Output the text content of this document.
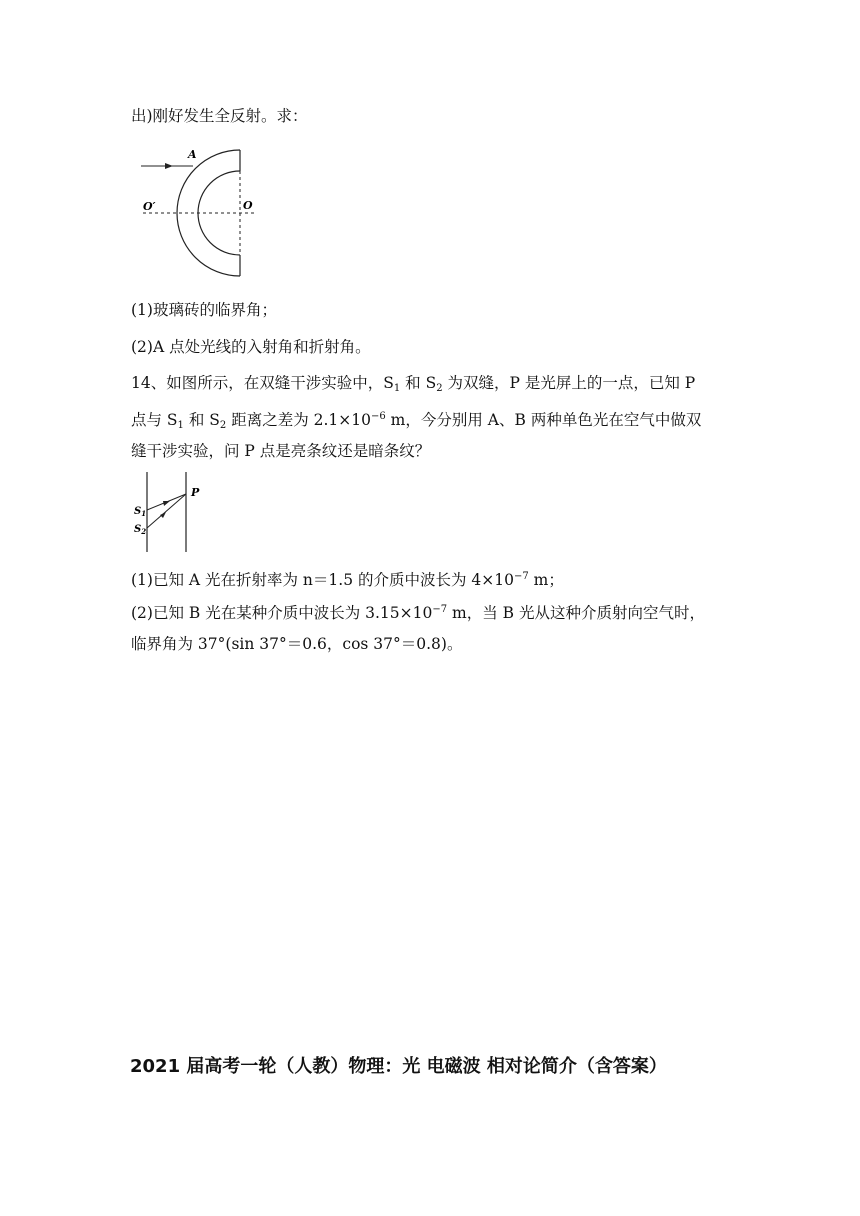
出)刚好发生全反射。求：
A
O′	O
(1)玻璃砖的临界角；
(2)A 点处光线的入射角和折射角。
14、如图所示，在双缝干涉实验中，$S_1$ 和 $S_2$ 为双缝，P 是光屏上的一点，已知 P
点与 $S_1$ 和 $S_2$ 距离之差为 $2.1\times 10^{-6}$ m，今分别用 A、B 两种单色光在空气中做双
缝干涉实验，问 P 点是亮条纹还是暗条纹？
P
$S_1$
$S_2$
(1)已知 A 光在折射率为 n＝1.5 的介质中波长为 $4\times 10^{-7}$ m；
(2)已知 B 光在某种介质中波长为 $3.15\times 10^{-7}$ m，当 B 光从这种介质射向空气时，
临界角为 37°(sin 37°＝0.6，cos 37°＝0.8)。
2021 届高考一轮（人教）物理：光 电磁波 相对论简介（含答案）
